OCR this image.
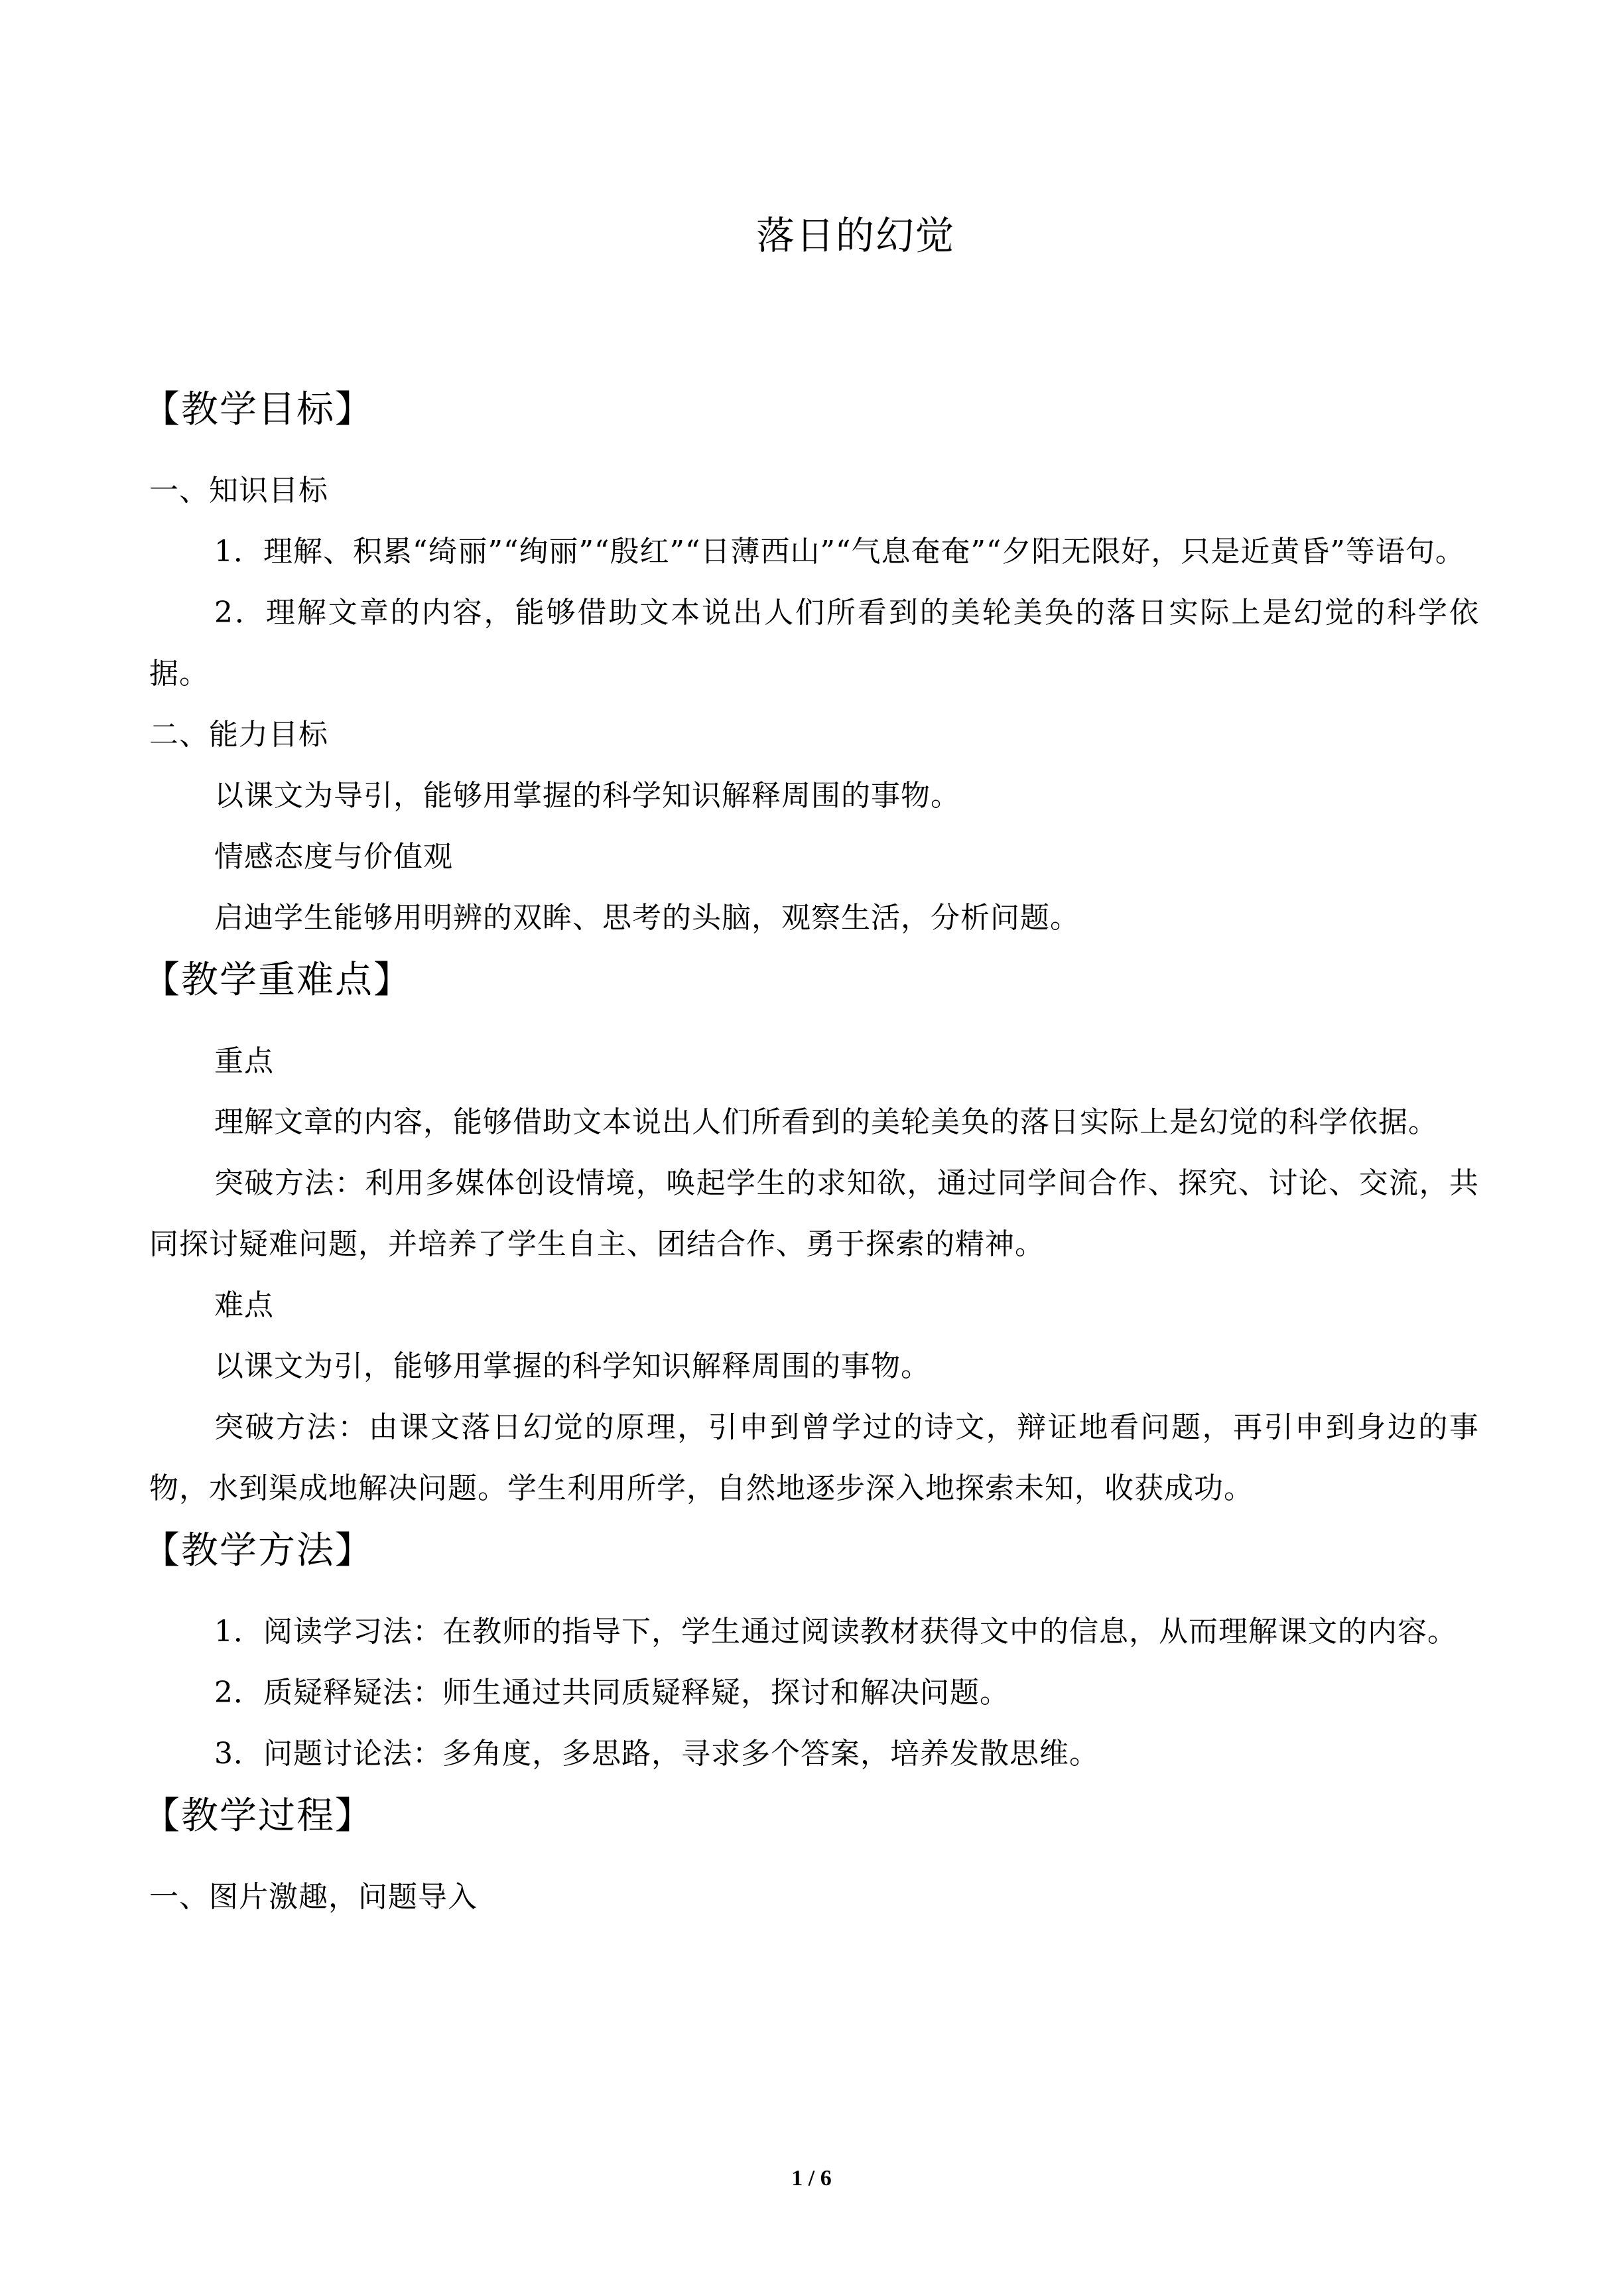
落日的幻觉
【教学目标】

一、知识目标

1．理解、积累“绮丽”“绚丽”“殷红”“日薄西山”“气息奄奄”“夕阳无限好，只是近黄昏”等语句。

2．理解文章的内容，能够借助文本说出人们所看到的美轮美奂的落日实际上是幻觉的科学依据。

二、能力目标

以课文为导引，能够用掌握的科学知识解释周围的事物。

情感态度与价值观

启迪学生能够用明辨的双眸、思考的头脑，观察生活，分析问题。

【教学重难点】

重点

理解文章的内容，能够借助文本说出人们所看到的美轮美奂的落日实际上是幻觉的科学依据。

突破方法：利用多媒体创设情境，唤起学生的求知欲，通过同学间合作、探究、讨论、交流，共同探讨疑难问题，并培养了学生自主、团结合作、勇于探索的精神。

难点

以课文为引，能够用掌握的科学知识解释周围的事物。

突破方法：由课文落日幻觉的原理，引申到曾学过的诗文，辩证地看问题，再引申到身边的事物，水到渠成地解决问题。学生利用所学，自然地逐步深入地探索未知，收获成功。

【教学方法】

1．阅读学习法：在教师的指导下，学生通过阅读教材获得文中的信息，从而理解课文的内容。

2．质疑释疑法：师生通过共同质疑释疑，探讨和解决问题。

3．问题讨论法：多角度，多思路，寻求多个答案，培养发散思维。

【教学过程】

一、图片激趣，问题导入

1 / 6
